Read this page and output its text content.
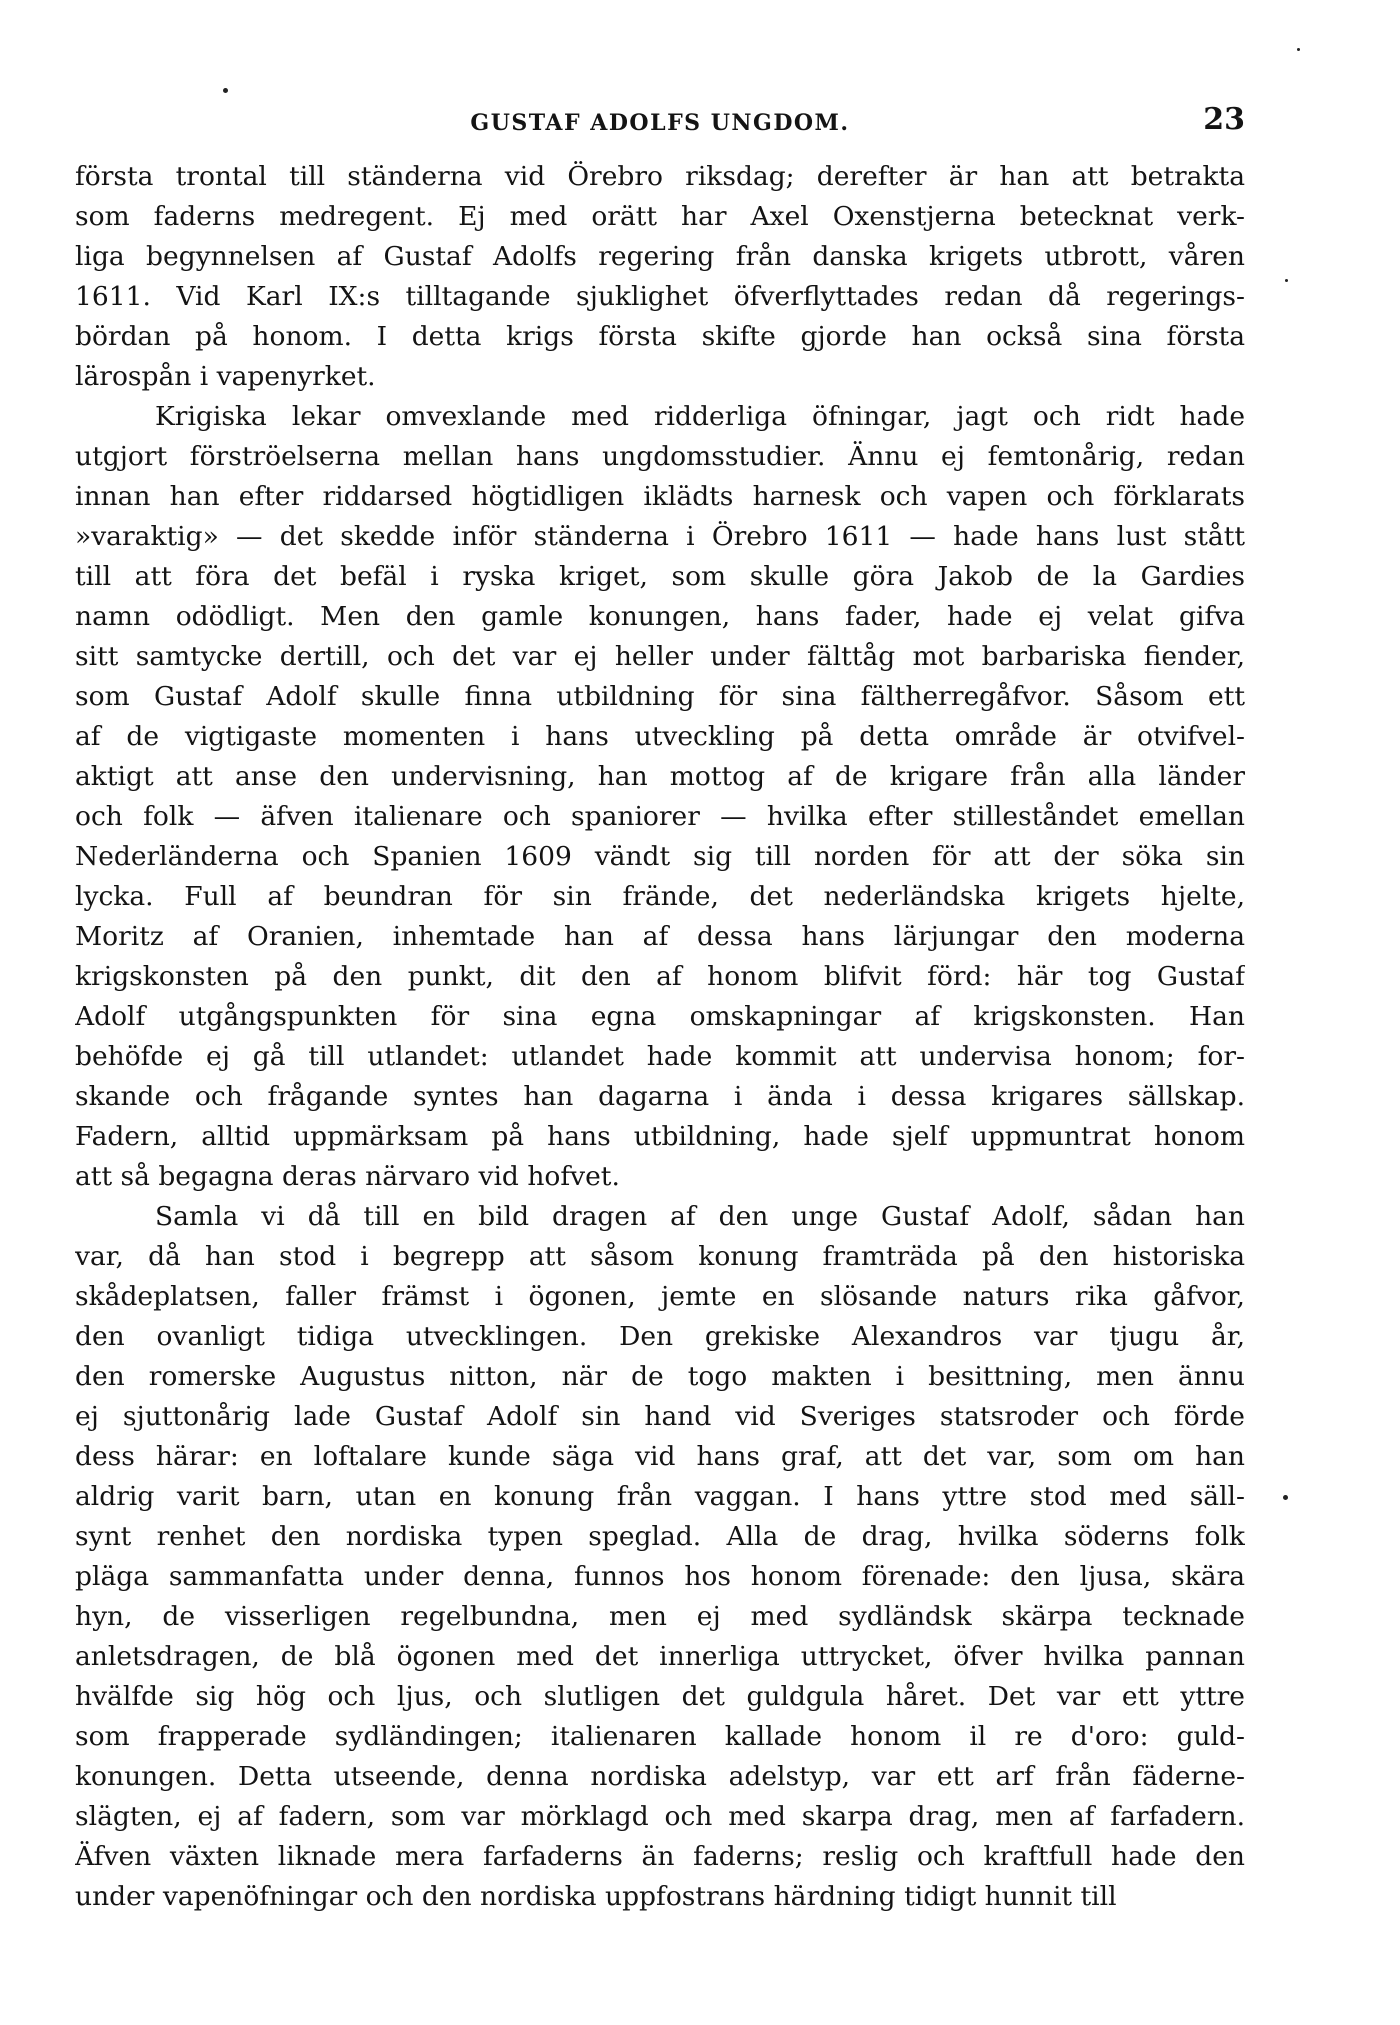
GUSTAF ADOLFS UNGDOM.	23
första trontal till ständerna vid Örebro riksdag; derefter är han att betrakta
som faderns medregent. Ej med orätt har Axel Oxenstjerna betecknat verk-
liga begynnelsen af Gustaf Adolfs regering från danska krigets utbrott, våren
1611. Vid Karl IX:s tilltagande sjuklighet öfverflyttades redan då regerings-
bördan på honom. I detta krigs första skifte gjorde han också sina första
lärospån i vapenyrket.
Krigiska lekar omvexlande med ridderliga öfningar, jagt och ridt hade
utgjort förströelserna mellan hans ungdomsstudier. Ännu ej femtonårig, redan
innan han efter riddarsed högtidligen iklädts harnesk och vapen och förklarats
»varaktig» — det skedde inför ständerna i Örebro 1611 — hade hans lust stått
till att föra det befäl i ryska kriget, som skulle göra Jakob de la Gardies
namn odödligt. Men den gamle konungen, hans fader, hade ej velat gifva
sitt samtycke dertill, och det var ej heller under fälttåg mot barbariska fiender,
som Gustaf Adolf skulle finna utbildning för sina fältherregåfvor. Såsom ett
af de vigtigaste momenten i hans utveckling på detta område är otvifvel-
aktigt att anse den undervisning, han mottog af de krigare från alla länder
och folk — äfven italienare och spaniorer — hvilka efter stilleståndet emellan
Nederländerna och Spanien 1609 vändt sig till norden för att der söka sin
lycka. Full af beundran för sin frände, det nederländska krigets hjelte,
Moritz af Oranien, inhemtade han af dessa hans lärjungar den moderna
krigskonsten på den punkt, dit den af honom blifvit förd: här tog Gustaf
Adolf utgångspunkten för sina egna omskapningar af krigskonsten. Han
behöfde ej gå till utlandet: utlandet hade kommit att undervisa honom; for-
skande och frågande syntes han dagarna i ända i dessa krigares sällskap.
Fadern, alltid uppmärksam på hans utbildning, hade sjelf uppmuntrat honom
att så begagna deras närvaro vid hofvet.
Samla vi då till en bild dragen af den unge Gustaf Adolf, sådan han
var, då han stod i begrepp att såsom konung framträda på den historiska
skådeplatsen, faller främst i ögonen, jemte en slösande naturs rika gåfvor,
den ovanligt tidiga utvecklingen. Den grekiske Alexandros var tjugu år,
den romerske Augustus nitton, när de togo makten i besittning, men ännu
ej sjuttonårig lade Gustaf Adolf sin hand vid Sveriges statsroder och förde
dess härar: en loftalare kunde säga vid hans graf, att det var, som om han
aldrig varit barn, utan en konung från vaggan. I hans yttre stod med säll-
synt renhet den nordiska typen speglad. Alla de drag, hvilka söderns folk
pläga sammanfatta under denna, funnos hos honom förenade: den ljusa, skära
hyn, de visserligen regelbundna, men ej med sydländsk skärpa tecknade
anletsdragen, de blå ögonen med det innerliga uttrycket, öfver hvilka pannan
hvälfde sig hög och ljus, och slutligen det guldgula håret. Det var ett yttre
som frapperade sydländingen; italienaren kallade honom il re d'oro: guld-
konungen. Detta utseende, denna nordiska adelstyp, var ett arf från fäderne-
slägten, ej af fadern, som var mörklagd och med skarpa drag, men af farfadern.
Äfven växten liknade mera farfaderns än faderns; reslig och kraftfull hade den
under vapenöfningar och den nordiska uppfostrans härdning tidigt hunnit till
